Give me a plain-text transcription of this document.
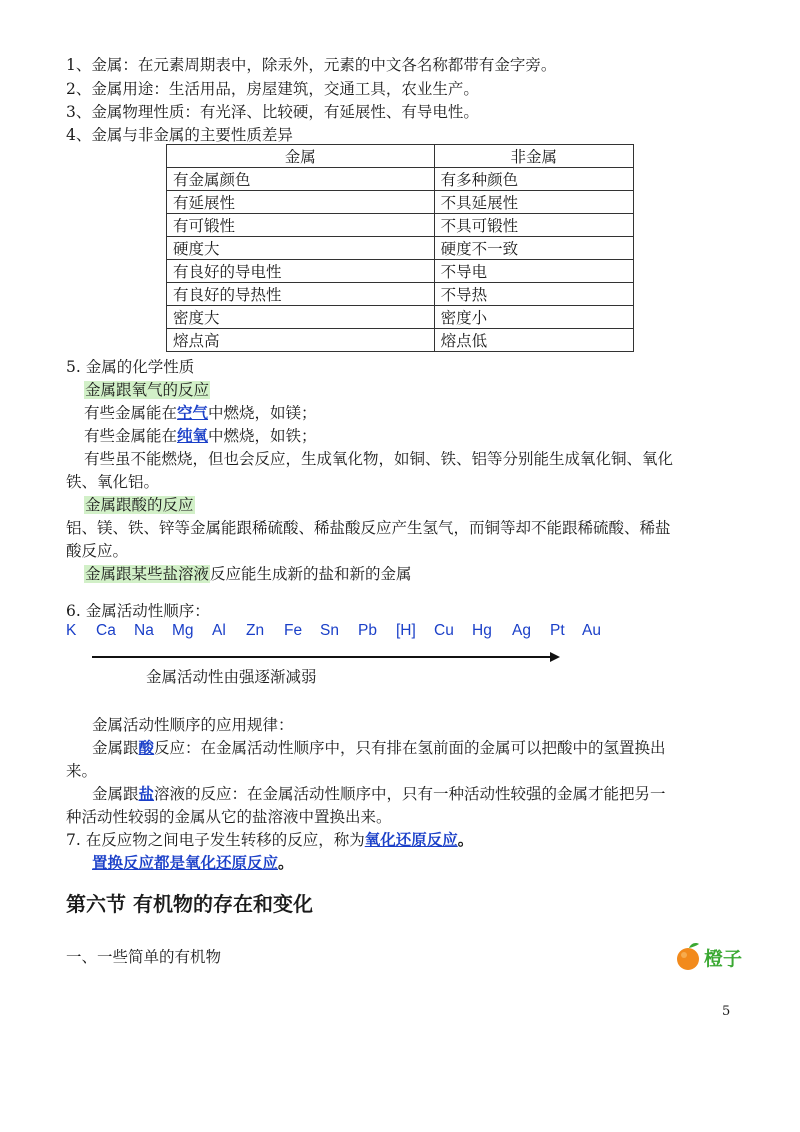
1、金属：在元素周期表中，除汞外，元素的中文各名称都带有金字旁。
2、金属用途：生活用品，房屋建筑，交通工具，农业生产。
3、金属物理性质：有光泽、比较硬，有延展性、有导电性。
4、金属与非金属的主要性质差异
金属	非金属
有金属颜色	有多种颜色
有延展性	不具延展性
有可锻性	不具可锻性
硬度大	硬度不一致
有良好的导电性	不导电
有良好的导热性	不导热
密度大	密度小
熔点高	熔点低
5. 金属的化学性质
金属跟氧气的反应
有些金属能在空气中燃烧，如镁；
有些金属能在纯氧中燃烧，如铁；
有些虽不能燃烧，但也会反应，生成氧化物，如铜、铁、铝等分别能生成氧化铜、氧化
铁、氧化铝。
金属跟酸的反应
铝、镁、铁、锌等金属能跟稀硫酸、稀盐酸反应产生氢气，而铜等却不能跟稀硫酸、稀盐
酸反应。
金属跟某些盐溶液反应能生成新的盐和新的金属
6. 金属活动性顺序：
K Ca Na Mg Al Zn Fe Sn Pb [H] Cu Hg Ag Pt Au
金属活动性由强逐渐减弱
金属活动性顺序的应用规律：
金属跟酸反应：在金属活动性顺序中，只有排在氢前面的金属可以把酸中的氢置换出
来。
金属跟盐溶液的反应：在金属活动性顺序中，只有一种活动性较强的金属才能把另一
种活动性较弱的金属从它的盐溶液中置换出来。
7. 在反应物之间电子发生转移的反应，称为氧化还原反应。
置换反应都是氧化还原反应。
第六节 有机物的存在和变化
一、一些简单的有机物	橙子
5
